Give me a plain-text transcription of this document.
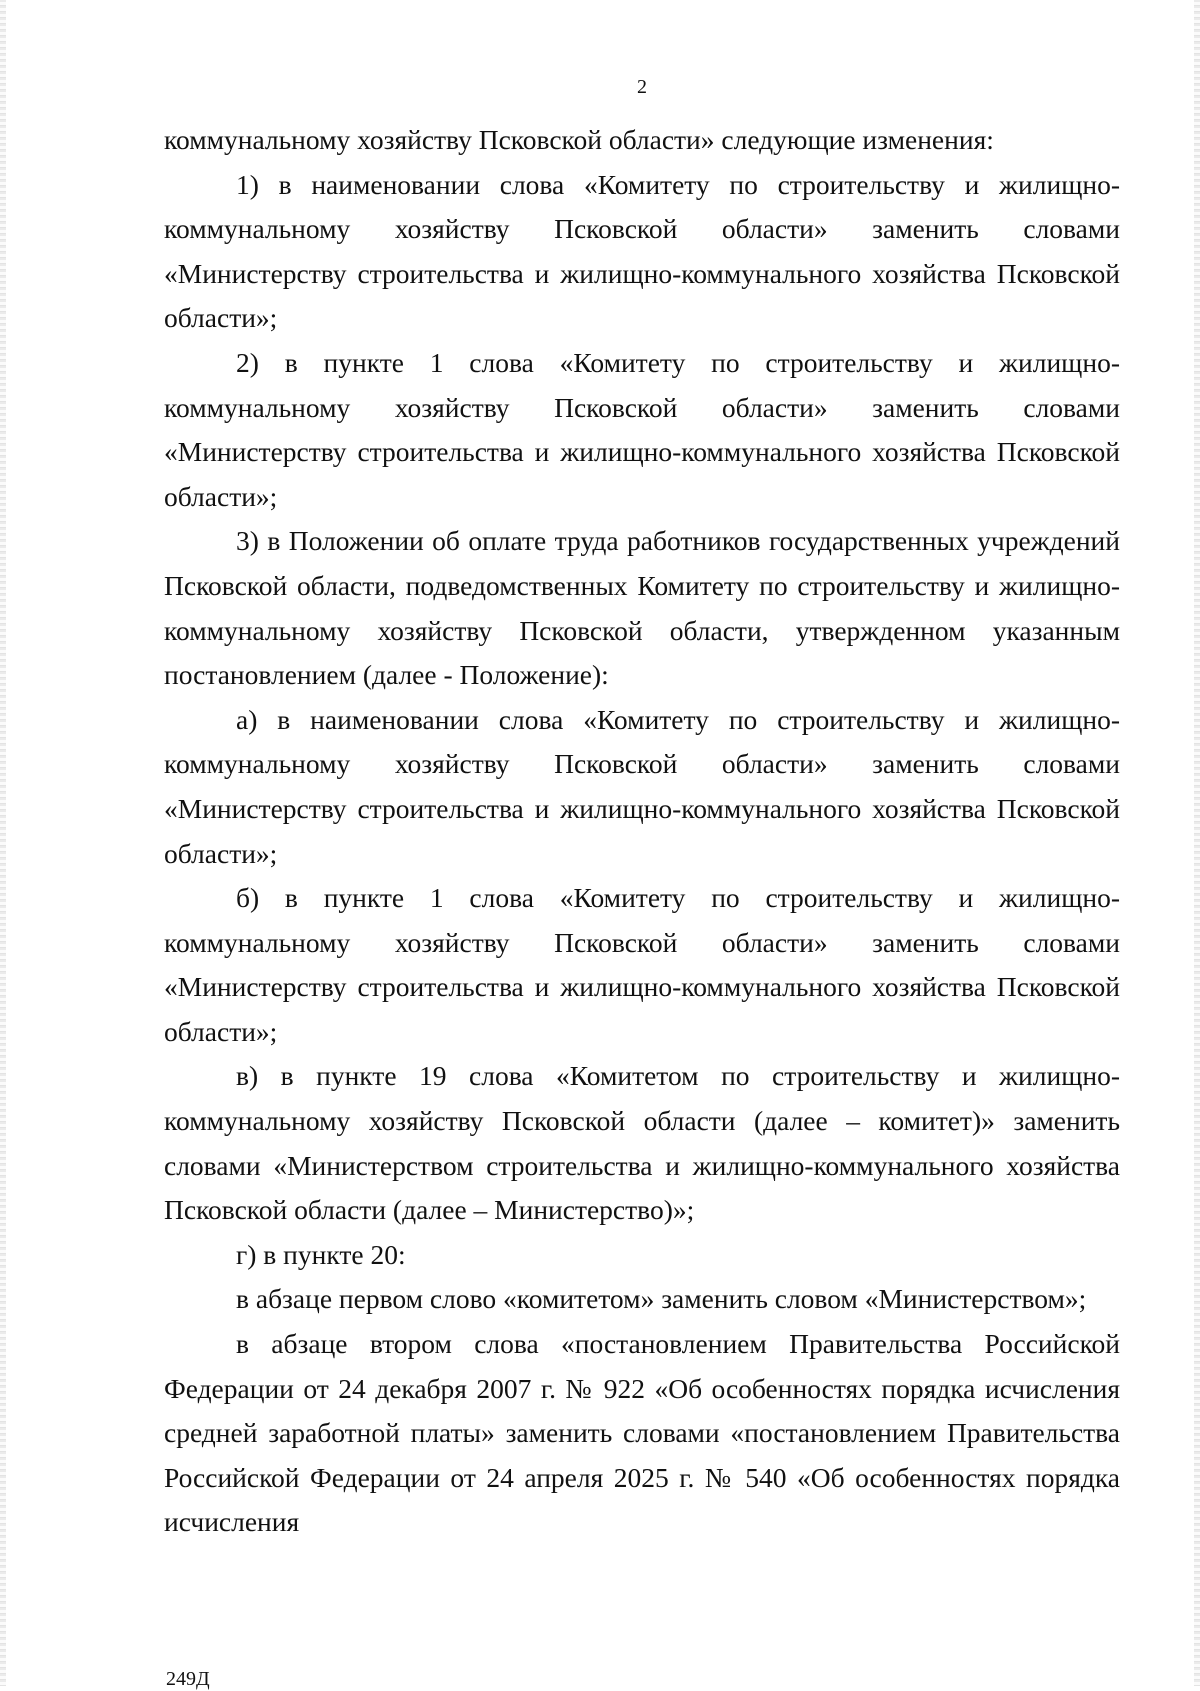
2

коммунальному хозяйству Псковской области» следующие изменения:

1) в наименовании слова «Комитету по строительству и жилищно-коммунальному хозяйству Псковской области» заменить словами «Министерству строительства и жилищно-коммунального хозяйства Псковской области»;

2) в пункте 1 слова «Комитету по строительству и жилищно-коммунальному хозяйству Псковской области» заменить словами «Министерству строительства и жилищно-коммунального хозяйства Псковской области»;

3) в Положении об оплате труда работников государственных учреждений Псковской области, подведомственных Комитету по строительству и жилищно-коммунальному хозяйству Псковской области, утвержденном указанным постановлением (далее - Положение):

а) в наименовании слова «Комитету по строительству и жилищно-коммунальному хозяйству Псковской области» заменить словами «Министерству строительства и жилищно-коммунального хозяйства Псковской области»;

б) в пункте 1 слова «Комитету по строительству и жилищно-коммунальному хозяйству Псковской области» заменить словами «Министерству строительства и жилищно-коммунального хозяйства Псковской области»;

в) в пункте 19 слова «Комитетом по строительству и жилищно-коммунальному хозяйству Псковской области (далее – комитет)» заменить словами «Министерством строительства и жилищно-коммунального хозяйства Псковской области (далее – Министерство)»;

г) в пункте 20:

в абзаце первом слово «комитетом» заменить словом «Министерством»;

в абзаце втором слова «постановлением Правительства Российской Федерации от 24 декабря 2007 г. № 922 «Об особенностях порядка исчисления средней заработной платы» заменить словами «постановлением Правительства Российской Федерации от 24 апреля 2025 г. № 540 «Об особенностях порядка исчисления

249Д
